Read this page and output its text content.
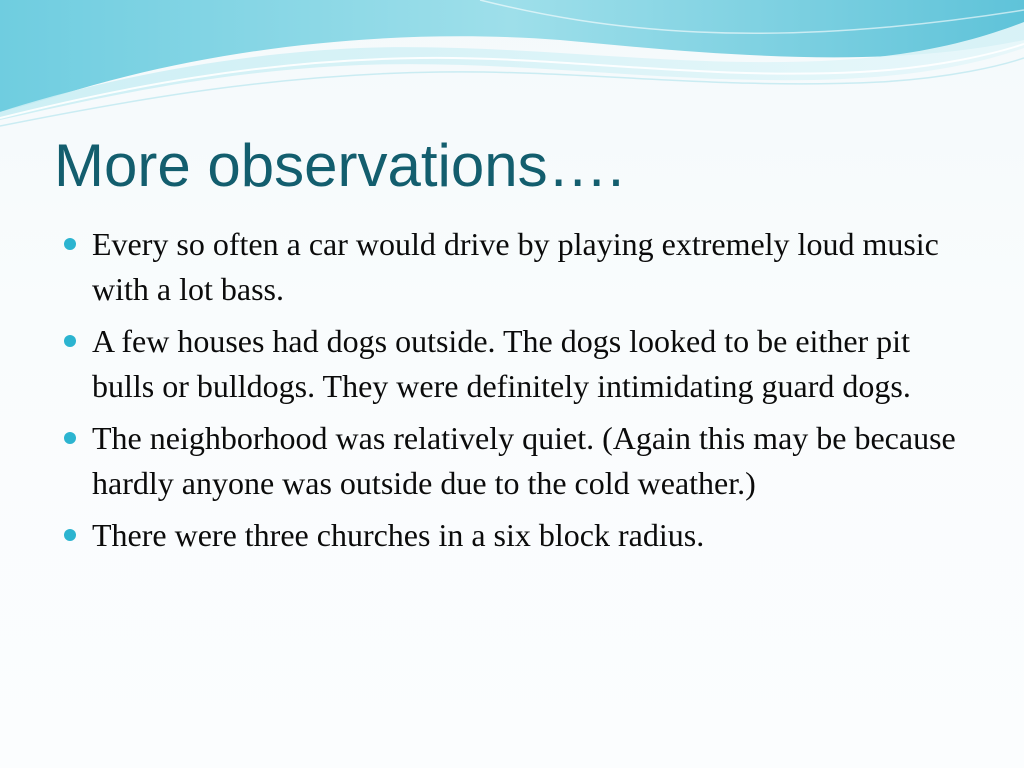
More observations….
Every so often a car would drive by playing extremely loud music with a lot bass.
A few houses had dogs outside. The dogs looked to be either pit bulls or bulldogs. They were definitely intimidating guard dogs.
The neighborhood was relatively quiet. (Again this may be because hardly anyone was outside due to the cold weather.)
There were three churches in a six block radius.
